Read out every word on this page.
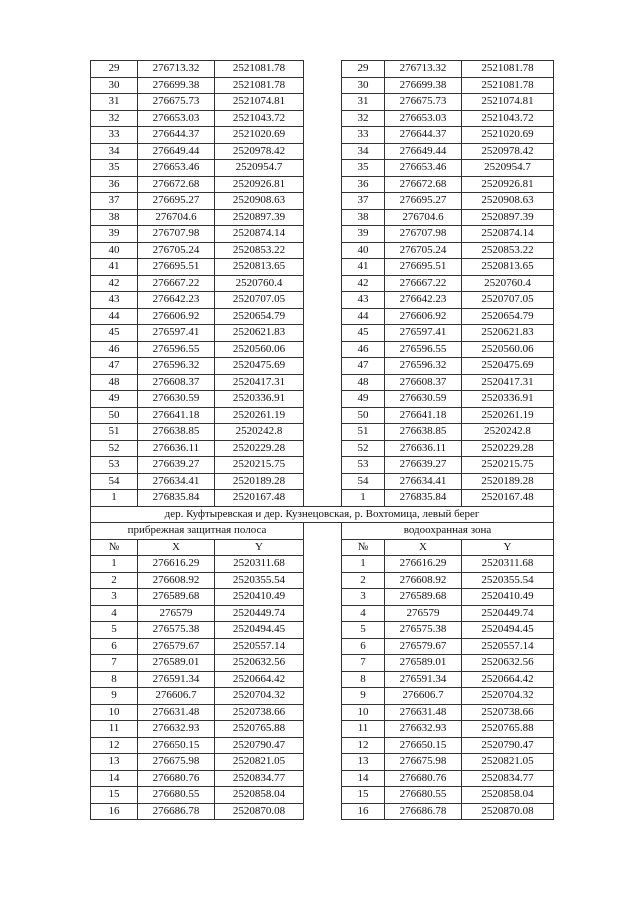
29	276713.32	2521081.78		29	276713.32	2521081.78
30	276699.38	2521081.78		30	276699.38	2521081.78
31	276675.73	2521074.81		31	276675.73	2521074.81
32	276653.03	2521043.72		32	276653.03	2521043.72
33	276644.37	2521020.69		33	276644.37	2521020.69
34	276649.44	2520978.42		34	276649.44	2520978.42
35	276653.46	2520954.7		35	276653.46	2520954.7
36	276672.68	2520926.81		36	276672.68	2520926.81
37	276695.27	2520908.63		37	276695.27	2520908.63
38	276704.6	2520897.39		38	276704.6	2520897.39
39	276707.98	2520874.14		39	276707.98	2520874.14
40	276705.24	2520853.22		40	276705.24	2520853.22
41	276695.51	2520813.65		41	276695.51	2520813.65
42	276667.22	2520760.4		42	276667.22	2520760.4
43	276642.23	2520707.05		43	276642.23	2520707.05
44	276606.92	2520654.79		44	276606.92	2520654.79
45	276597.41	2520621.83		45	276597.41	2520621.83
46	276596.55	2520560.06		46	276596.55	2520560.06
47	276596.32	2520475.69		47	276596.32	2520475.69
48	276608.37	2520417.31		48	276608.37	2520417.31
49	276630.59	2520336.91		49	276630.59	2520336.91
50	276641.18	2520261.19		50	276641.18	2520261.19
51	276638.85	2520242.8		51	276638.85	2520242.8
52	276636.11	2520229.28		52	276636.11	2520229.28
53	276639.27	2520215.75		53	276639.27	2520215.75
54	276634.41	2520189.28		54	276634.41	2520189.28
1	276835.84	2520167.48		1	276835.84	2520167.48
дер. Куфтыревская и дер. Кузнецовская, р. Вохтомица, левый берег						
прибрежная защитная полоса				водоохранная зона		
№	X	Y		№	X	Y
1	276616.29	2520311.68		1	276616.29	2520311.68
2	276608.92	2520355.54		2	276608.92	2520355.54
3	276589.68	2520410.49		3	276589.68	2520410.49
4	276579	2520449.74		4	276579	2520449.74
5	276575.38	2520494.45		5	276575.38	2520494.45
6	276579.67	2520557.14		6	276579.67	2520557.14
7	276589.01	2520632.56		7	276589.01	2520632.56
8	276591.34	2520664.42		8	276591.34	2520664.42
9	276606.7	2520704.32		9	276606.7	2520704.32
10	276631.48	2520738.66		10	276631.48	2520738.66
11	276632.93	2520765.88		11	276632.93	2520765.88
12	276650.15	2520790.47		12	276650.15	2520790.47
13	276675.98	2520821.05		13	276675.98	2520821.05
14	276680.76	2520834.77		14	276680.76	2520834.77
15	276680.55	2520858.04		15	276680.55	2520858.04
16	276686.78	2520870.08		16	276686.78	2520870.08
